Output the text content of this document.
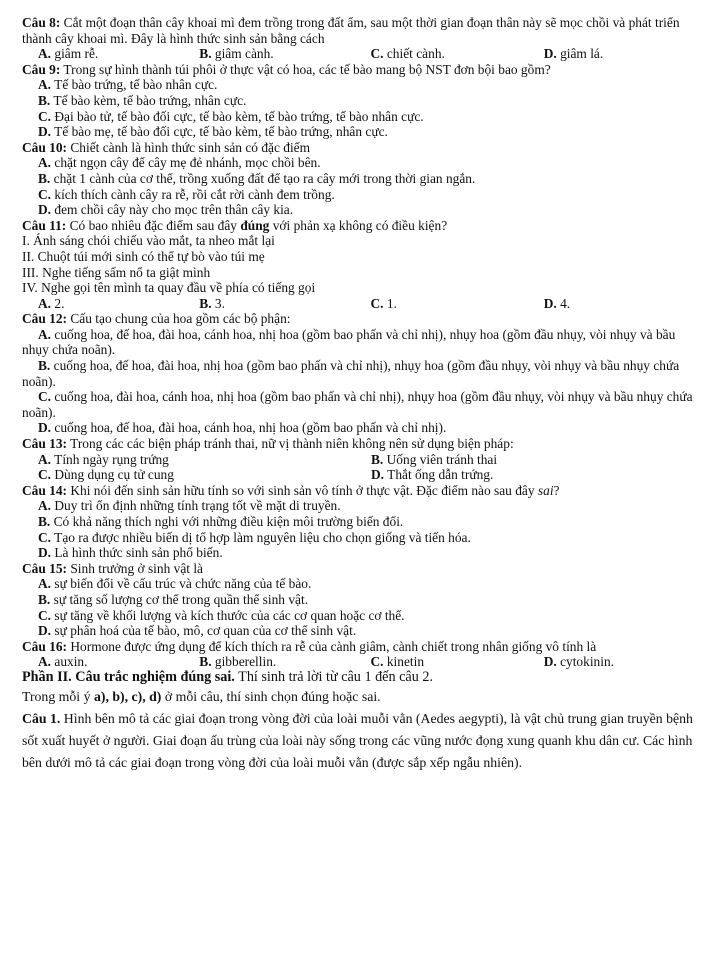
Câu 8: Cắt một đoạn thân cây khoai mì đem trồng trong đất ẩm, sau một thời gian đoạn thân này sẽ mọc chồi và phát triển thành cây khoai mì. Đây là hình thức sinh sản bằng cách

A. giâm rễ.	B. giâm cành.	C. chiết cành.	D. giâm lá.

Câu 9: Trong sự hình thành túi phôi ở thực vật có hoa, các tế bào mang bộ NST đơn bội bao gồm?

A. Tế bào trứng, tế bào nhân cực.

B. Tế bào kèm, tế bào trứng, nhân cực.

C. Đại bào tử, tế bào đối cực, tế bào kèm, tế bào trứng, tế bào nhân cực.

D. Tế bào mẹ, tế bào đối cực, tế bào kèm, tế bào trứng, nhân cực.

Câu 10: Chiết cành là hình thức sinh sản có đặc điểm

A. chặt ngọn cây để cây mẹ đẻ nhánh, mọc chồi bên.

B. chặt 1 cành của cơ thể, trồng xuống đất để tạo ra cây mới trong thời gian ngắn.

C. kích thích cành cây ra rễ, rồi cắt rời cành đem trồng.

D. đem chồi cây này cho mọc trên thân cây kia.

Câu 11: Có bao nhiêu đặc điểm sau đây đúng với phản xạ không có điều kiện?

I. Ánh sáng chói chiếu vào mắt, ta nheo mắt lại

II. Chuột túi mới sinh có thể tự bò vào túi mẹ

III. Nghe tiếng sấm nổ ta giật mình

IV. Nghe gọi tên mình ta quay đầu về phía có tiếng gọi

A. 2.	B. 3.	C. 1.	D. 4.

Câu 12: Cấu tạo chung của hoa gồm các bộ phận:

A. cuống hoa, đế hoa, đài hoa, cánh hoa, nhị hoa (gồm bao phấn và chỉ nhị), nhụy hoa (gồm đầu nhụy, vòi nhụy và bầu nhụy chứa noãn).

B. cuống hoa, đế hoa, đài hoa, nhị hoa (gồm bao phấn và chỉ nhị), nhụy hoa (gồm đầu nhụy, vòi nhụy và bầu nhụy chứa noãn).

C. cuống hoa, đài hoa, cánh hoa, nhị hoa (gồm bao phấn và chỉ nhị), nhụy hoa (gồm đầu nhụy, vòi nhụy và bầu nhụy chứa noãn).

D. cuống hoa, đế hoa, đài hoa, cánh hoa, nhị hoa (gồm bao phấn và chỉ nhị).

Câu 13: Trong các các biện pháp tránh thai, nữ vị thành niên không nên sử dụng biện pháp:

A. Tính ngày rụng trứng	B. Uống viên tránh thai
C. Dùng dụng cụ tử cung	D. Thắt ống dẫn trứng.

Câu 14: Khi nói đến sinh sản hữu tính so với sinh sản vô tính ở thực vật. Đặc điểm nào sau đây sai?

A. Duy trì ổn định những tính trạng tốt về mặt di truyền.

B. Có khả năng thích nghi với những điều kiện môi trường biến đổi.

C. Tạo ra được nhiều biến dị tổ hợp làm nguyên liệu cho chọn giống và tiến hóa.

D. Là hình thức sinh sản phổ biến.

Câu 15: Sinh trưởng ở sinh vật là

A. sự biến đổi về cấu trúc và chức năng của tế bào.

B. sự tăng số lượng cơ thể trong quần thể sinh vật.

C. sự tăng về khối lượng và kích thước của các cơ quan hoặc cơ thể.

D. sự phân hoá của tế bào, mô, cơ quan của cơ thể sinh vật.

Câu 16: Hormone được ứng dụng để kích thích ra rễ của cành giâm, cành chiết trong nhân giống vô tính là

A. auxin.	B. gibberellin.	C. kinetin	D. cytokinin.

Phần II. Câu trắc nghiệm đúng sai. Thí sinh trả lời từ câu 1 đến câu 2.

Trong mỗi ý a), b), c), d) ở mỗi câu, thí sinh chọn đúng hoặc sai.

Câu 1. Hình bên mô tả các giai đoạn trong vòng đời của loài muỗi vằn (Aedes aegypti), là vật chủ trung gian truyền bệnh sốt xuất huyết ở người. Giai đoạn ấu trùng của loài này sống trong các vũng nước đọng xung quanh khu dân cư. Các hình bên dưới mô tả các giai đoạn trong vòng đời của loài muỗi vằn (được sắp xếp ngẫu nhiên).
